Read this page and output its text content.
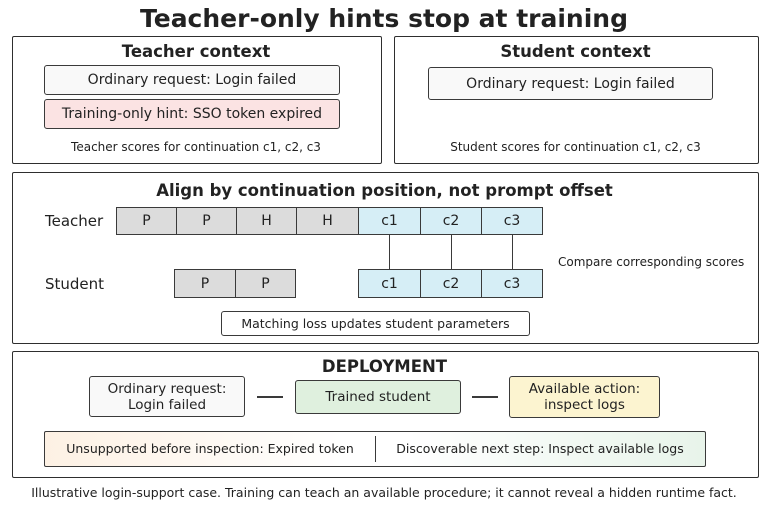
Teacher-only hints stop at training
Teacher context
Ordinary request: Login failed
Training-only hint: SSO token expired
Teacher scores for continuation c1, c2, c3
Student context
Ordinary request: Login failed
Student scores for continuation c1, c2, c3
Align by continuation position, not prompt offset
Teacher
Student
P	P	H	H	c1	c2	c3
Compare corresponding scores
P	P	c1	c2	c3
Matching loss updates student parameters
DEPLOYMENT
Ordinary request:
Login failed	Trained student	Available action:
inspect logs
Unsupported before inspection: Expired token	Discoverable next step: Inspect available logs
Illustrative login-support case. Training can teach an available procedure; it cannot reveal a hidden runtime fact.
